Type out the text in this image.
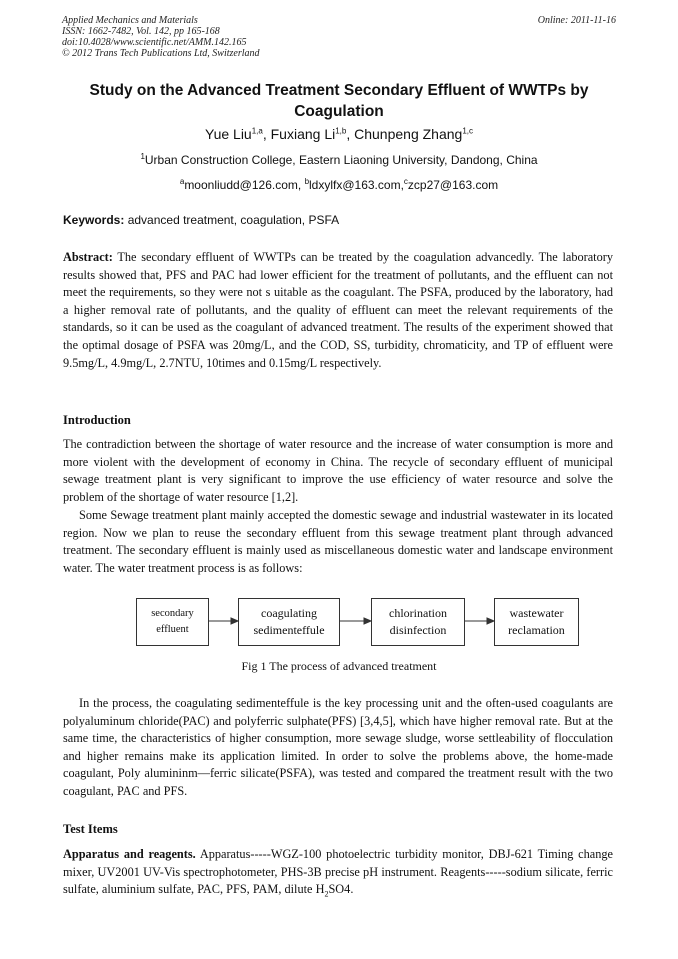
Applied Mechanics and Materials
ISSN: 1662-7482, Vol. 142, pp 165-168
doi:10.4028/www.scientific.net/AMM.142.165
© 2012 Trans Tech Publications Ltd, Switzerland
Online: 2011-11-16
Study on the Advanced Treatment Secondary Effluent of WWTPs by Coagulation
Yue Liu$^{1,a}$, Fuxiang Li$^{1,b}$, Chunpeng Zhang$^{1,c}$
$^1$Urban Construction College, Eastern Liaoning University, Dandong, China
$^a$moonliudd@126.com, $^b$ldxylfx@163.com,$^c$zcp27@163.com
Keywords: advanced treatment, coagulation, PSFA
Abstract: The secondary effluent of WWTPs can be treated by the coagulation advancedly. The laboratory results showed that, PFS and PAC had lower efficient for the treatment of pollutants, and the effluent can not meet the requirements, so they were not s uitable as the coagulant. The PSFA, produced by the laboratory, had a higher removal rate of pollutants, and the quality of effluent can meet the relevant requirements of the standards, so it can be used as the coagulant of advanced treatment. The results of the experiment showed that the optimal dosage of PSFA was 20mg/L, and the COD, SS, turbidity, chromaticity, and TP of effluent were 9.5mg/L, 4.9mg/L, 2.7NTU, 10times and 0.15mg/L respectively.
Introduction
The contradiction between the shortage of water resource and the increase of water consumption is more and more violent with the development of economy in China. The recycle of secondary effluent of municipal sewage treatment plant is very significant to improve the use efficiency of water resource and solve the problem of the shortage of water resource [1,2].
Some Sewage treatment plant mainly accepted the domestic sewage and industrial wastewater in its located region. Now we plan to reuse the secondary effluent from this sewage treatment plant through advanced treatment. The secondary effluent is mainly used as miscellaneous domestic water and landscape environment water. The water treatment process is as follows:
secondary
effluent
coagulating
sedimenteffule
chlorination
disinfection
wastewater
reclamation
Fig 1 The process of advanced treatment
In the process, the coagulating sedimenteffule is the key processing unit and the often-used coagulants are polyaluminum chloride(PAC) and polyferric sulphate(PFS) [3,4,5], which have higher removal rate. But at the same time, the characteristics of higher consumption, more sewage sludge, worse settleability of flocculation and higher remains make its application limited. In order to solve the problems above, the home-made coagulant, Poly alumininm—ferric silicate(PSFA), was tested and compared the treatment result with the two coagulant, PAC and PFS.
Test Items
Apparatus and reagents. Apparatus-----WGZ-100 photoelectric turbidity monitor, DBJ-621 Timing change mixer, UV2001 UV-Vis spectrophotometer, PHS-3B precise pH instrument. Reagents-----sodium silicate, ferric sulfate, aluminium sulfate, PAC, PFS, PAM, dilute $H_2SO4$.
